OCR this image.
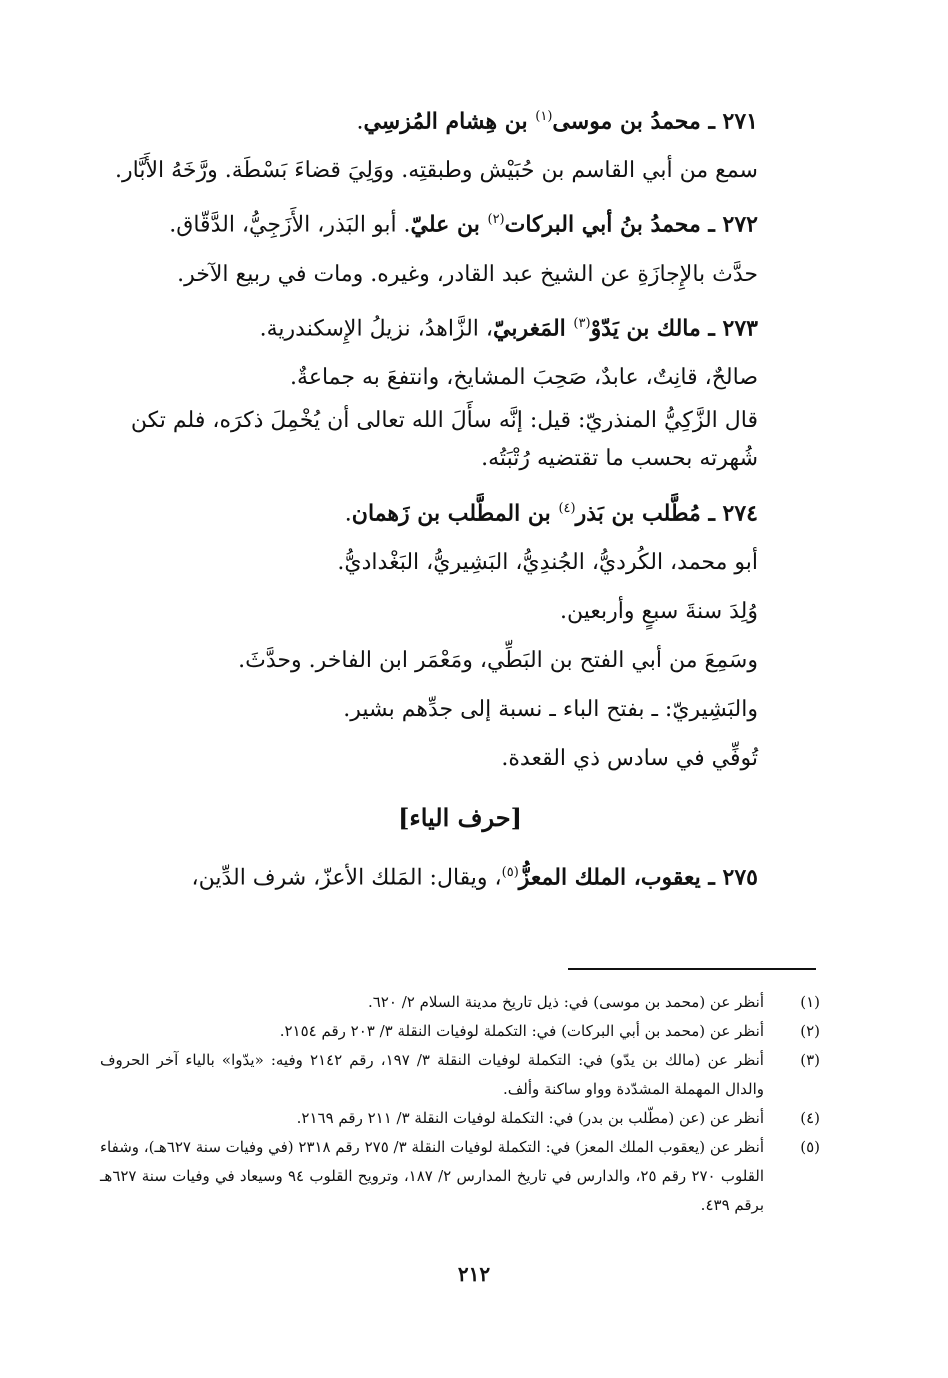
٢٧١ ـ محمدُ بن موسى$^{(١)}$ بن هِشام المُزسِي.

سمع من أبي القاسم بن حُبَيْش وطبقتِه. ووَلِيَ قضاءَ بَسْطَة. ورَّخَهُ الأَبَّار.

٢٧٢ ـ محمدُ بنُ أبي البركات$^{(٢)}$ بن عليّ. أبو البَذر، الأَزَجِيُّ، الدَّقّاق.

حدَّث بالإِجازَةِ عن الشيخ عبد القادر، وغيره. ومات في ربيع الآخر.

٢٧٣ ـ مالك بن يَدّوْ$^{(٣)}$ المَغربيّ، الزَّاهدُ، نزيلُ الإِسكندرية.

صالحٌ، قانِتٌ، عابدٌ، صَحِبَ المشايخ، وانتفعَ به جماعةٌ.

قال الزَّكِيُّ المنذريّ: قيل: إنَّه سأَلَ الله تعالى أن يُخْمِلَ ذكرَه، فلم تكن شُهرته بحسب ما تقتضيه رُتْبَتُه.

٢٧٤ ـ مُطَّلب بن بَذر$^{(٤)}$ بن المطَّلب بن زَهمان.

أبو محمد، الكُرديُّ، الجُندِيُّ، البَشِيريُّ، البَغْداديُّ.

وُلِدَ سنةَ سبعٍ وأربعين.

وسَمِعَ من أبي الفتح بن البَطِّي، ومَعْمَر ابن الفاخر. وحدَّثَ.

والبَشِيريّ: ـ بفتح الباء ـ نسبة إلى جدِّهم بشير.

تُوفِّي في سادس ذي القعدة.

[حرف الياء]

٢٧٥ ـ يعقوب، الملك المعزُّ$^{(٥)}$، ويقال: المَلك الأعزّ، شرف الدِّين،

(١)
أنظر عن (محمد بن موسى) في: ذيل تاريخ مدينة السلام ٢/ ٦٢٠.
(٢)
أنظر عن (محمد بن أبي البركات) في: التكملة لوفيات النقلة ٣/ ٢٠٣ رقم ٢١٥٤.
(٣)
أنظر عن (مالك بن يدّو) في: التكملة لوفيات النقلة ٣/ ١٩٧، رقم ٢١٤٢ وفيه: «يدّوا» بالياء آخر الحروف والدال المهملة المشدّدة وواو ساكنة وألف.
(٤)
أنظر عن (عن (مطّلب بن بدر) في: التكملة لوفيات النقلة ٣/ ٢١١ رقم ٢١٦٩.
(٥)
أنظر عن (يعقوب الملك المعز) في: التكملة لوفيات النقلة ٣/ ٢٧٥ رقم ٢٣١٨ (في وفيات سنة ٦٢٧هـ)، وشفاء القلوب ٢٧٠ رقم ٢٥، والدارس في تاريخ المدارس ٢/ ١٨٧، وترويح القلوب ٩٤ وسيعاد في وفيات سنة ٦٢٧هـ برقم ٤٣٩.
٢١٢
